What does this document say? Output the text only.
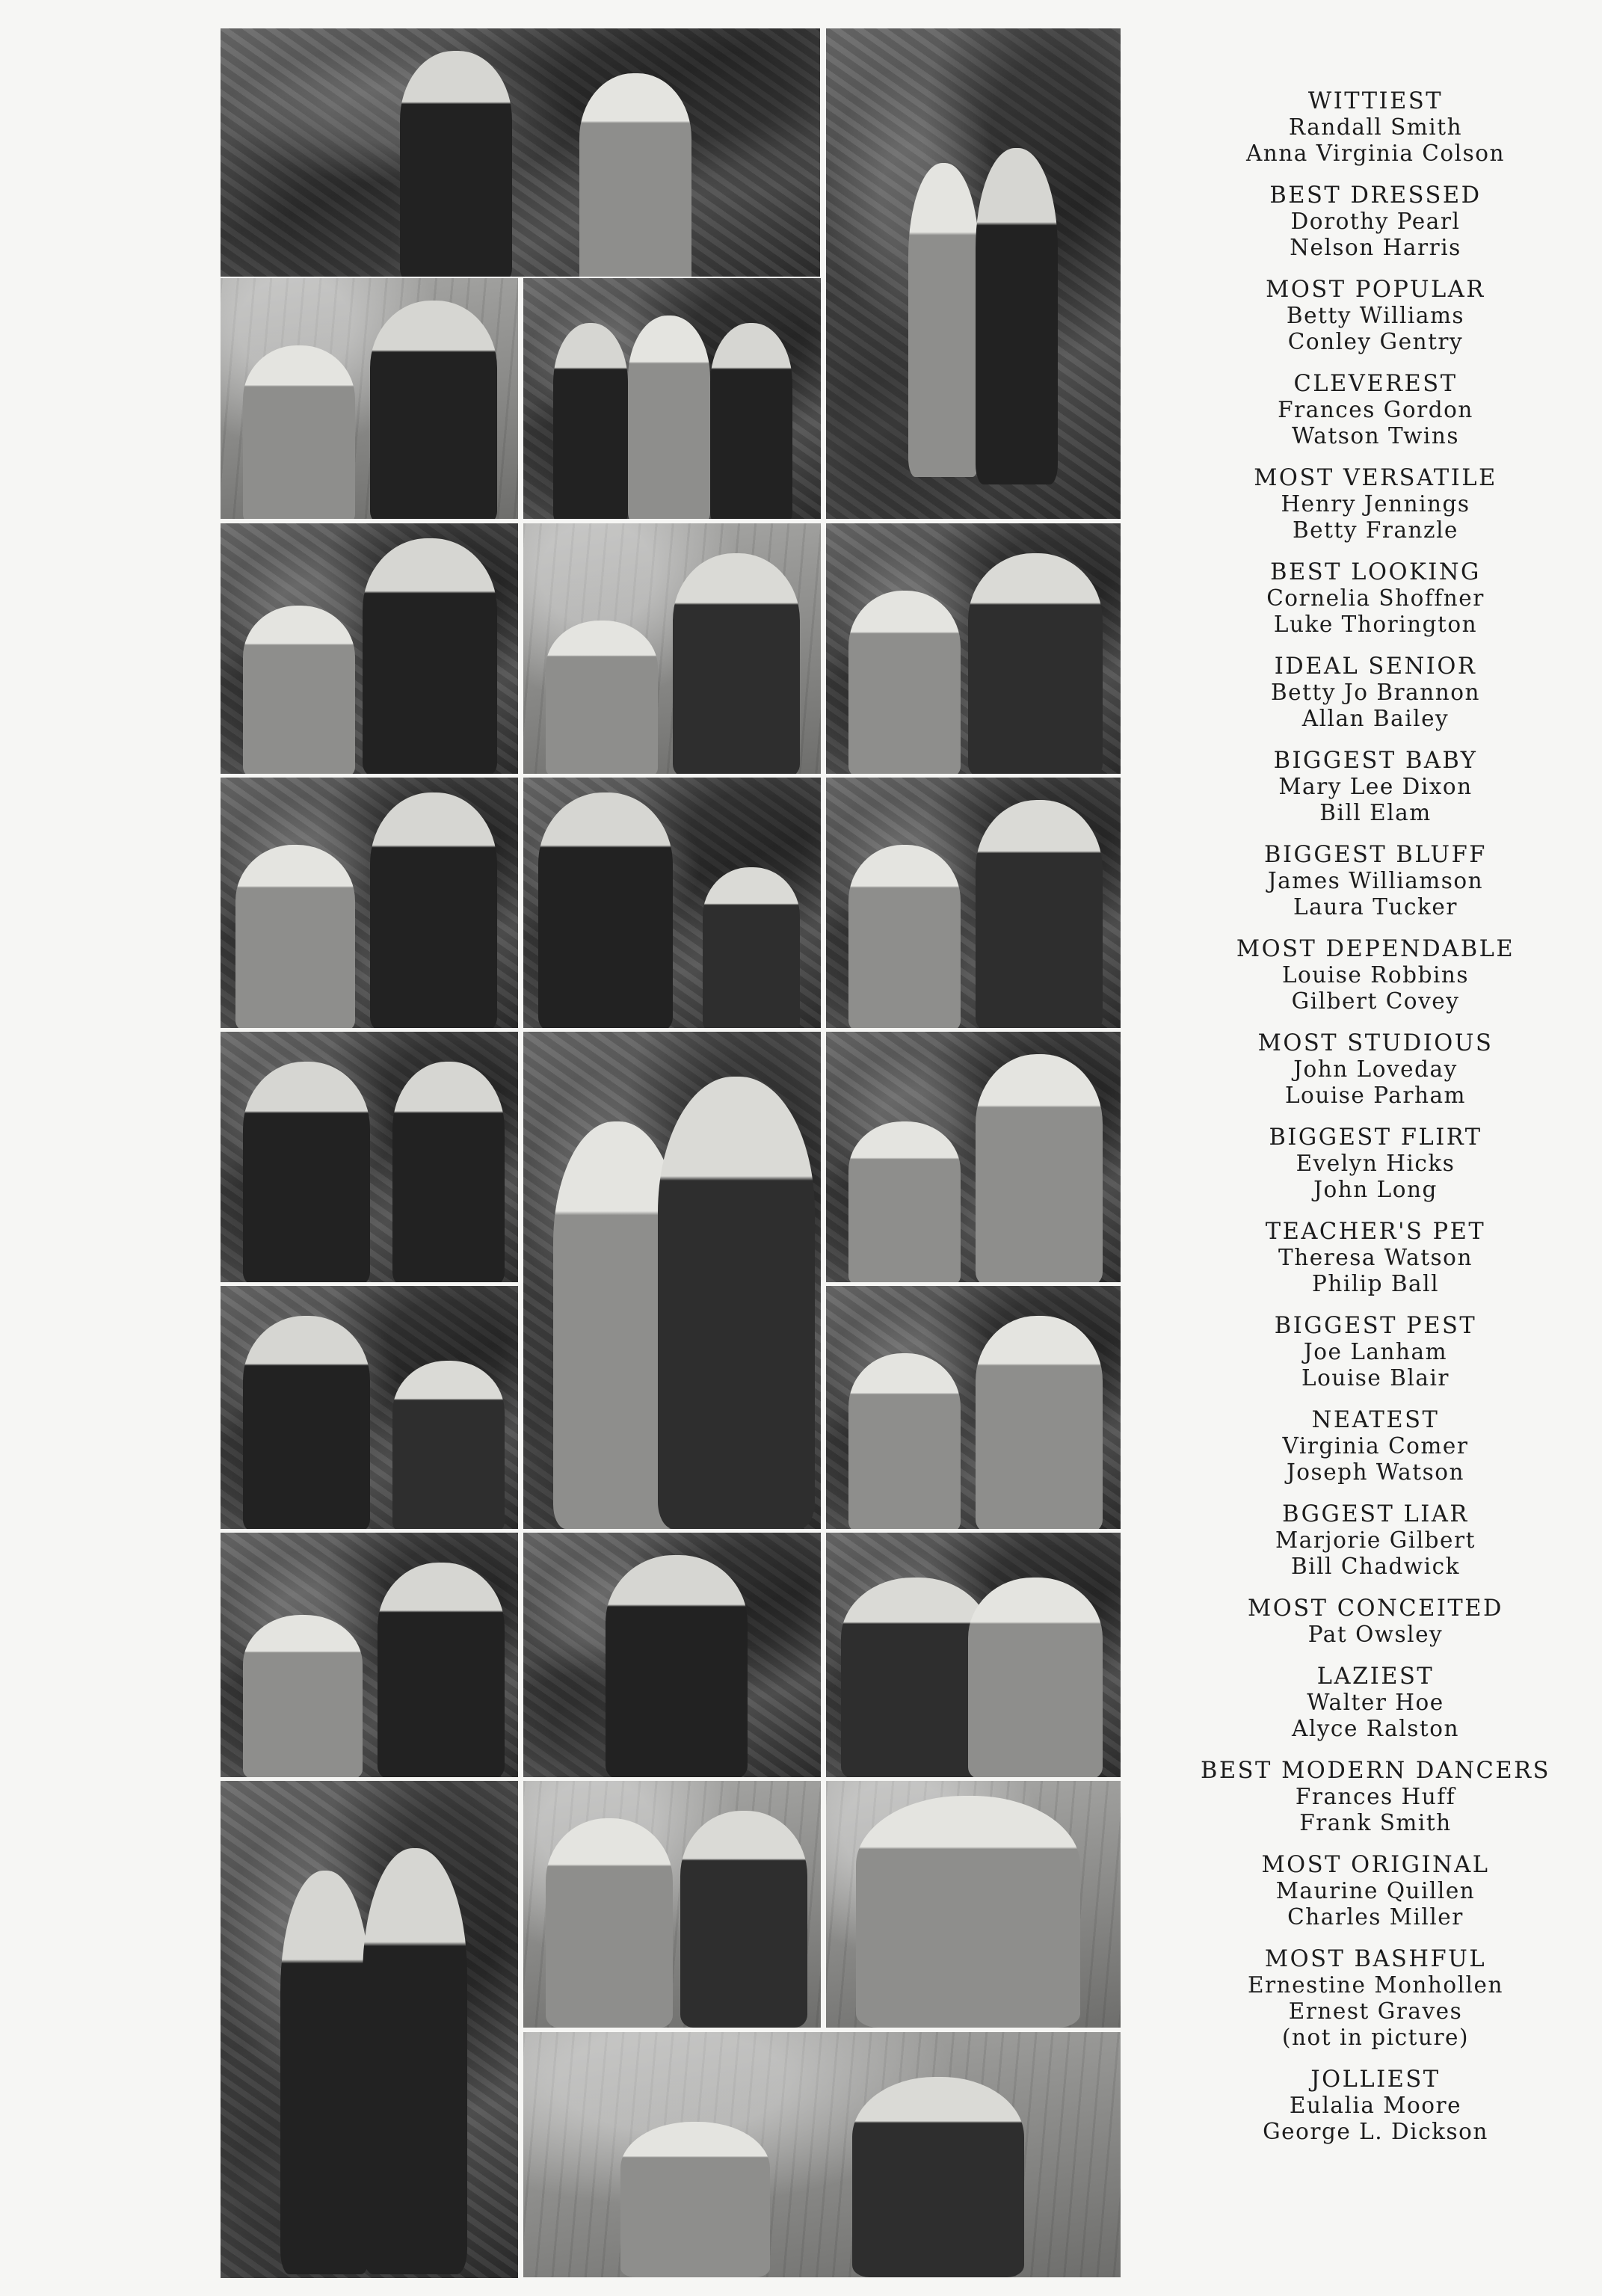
WITTIEST
Randall Smith
Anna Virginia Colson
BEST DRESSED
Dorothy Pearl
Nelson Harris
MOST POPULAR
Betty Williams
Conley Gentry
CLEVEREST
Frances Gordon
Watson Twins
MOST VERSATILE
Henry Jennings
Betty Franzle
BEST LOOKING
Cornelia Shoffner
Luke Thorington
IDEAL SENIOR
Betty Jo Brannon
Allan Bailey
BIGGEST BABY
Mary Lee Dixon
Bill Elam
BIGGEST BLUFF
James Williamson
Laura Tucker
MOST DEPENDABLE
Louise Robbins
Gilbert Covey
MOST STUDIOUS
John Loveday
Louise Parham
BIGGEST FLIRT
Evelyn Hicks
John Long
TEACHER'S PET
Theresa Watson
Philip Ball
BIGGEST PEST
Joe Lanham
Louise Blair
NEATEST
Virginia Comer
Joseph Watson
BGGEST LIAR
Marjorie Gilbert
Bill Chadwick
MOST CONCEITED
Pat Owsley
LAZIEST
Walter Hoe
Alyce Ralston
BEST MODERN DANCERS
Frances Huff
Frank Smith
MOST ORIGINAL
Maurine Quillen
Charles Miller
MOST BASHFUL
Ernestine Monhollen
Ernest Graves
(not in picture)
JOLLIEST
Eulalia Moore
George L. Dickson
